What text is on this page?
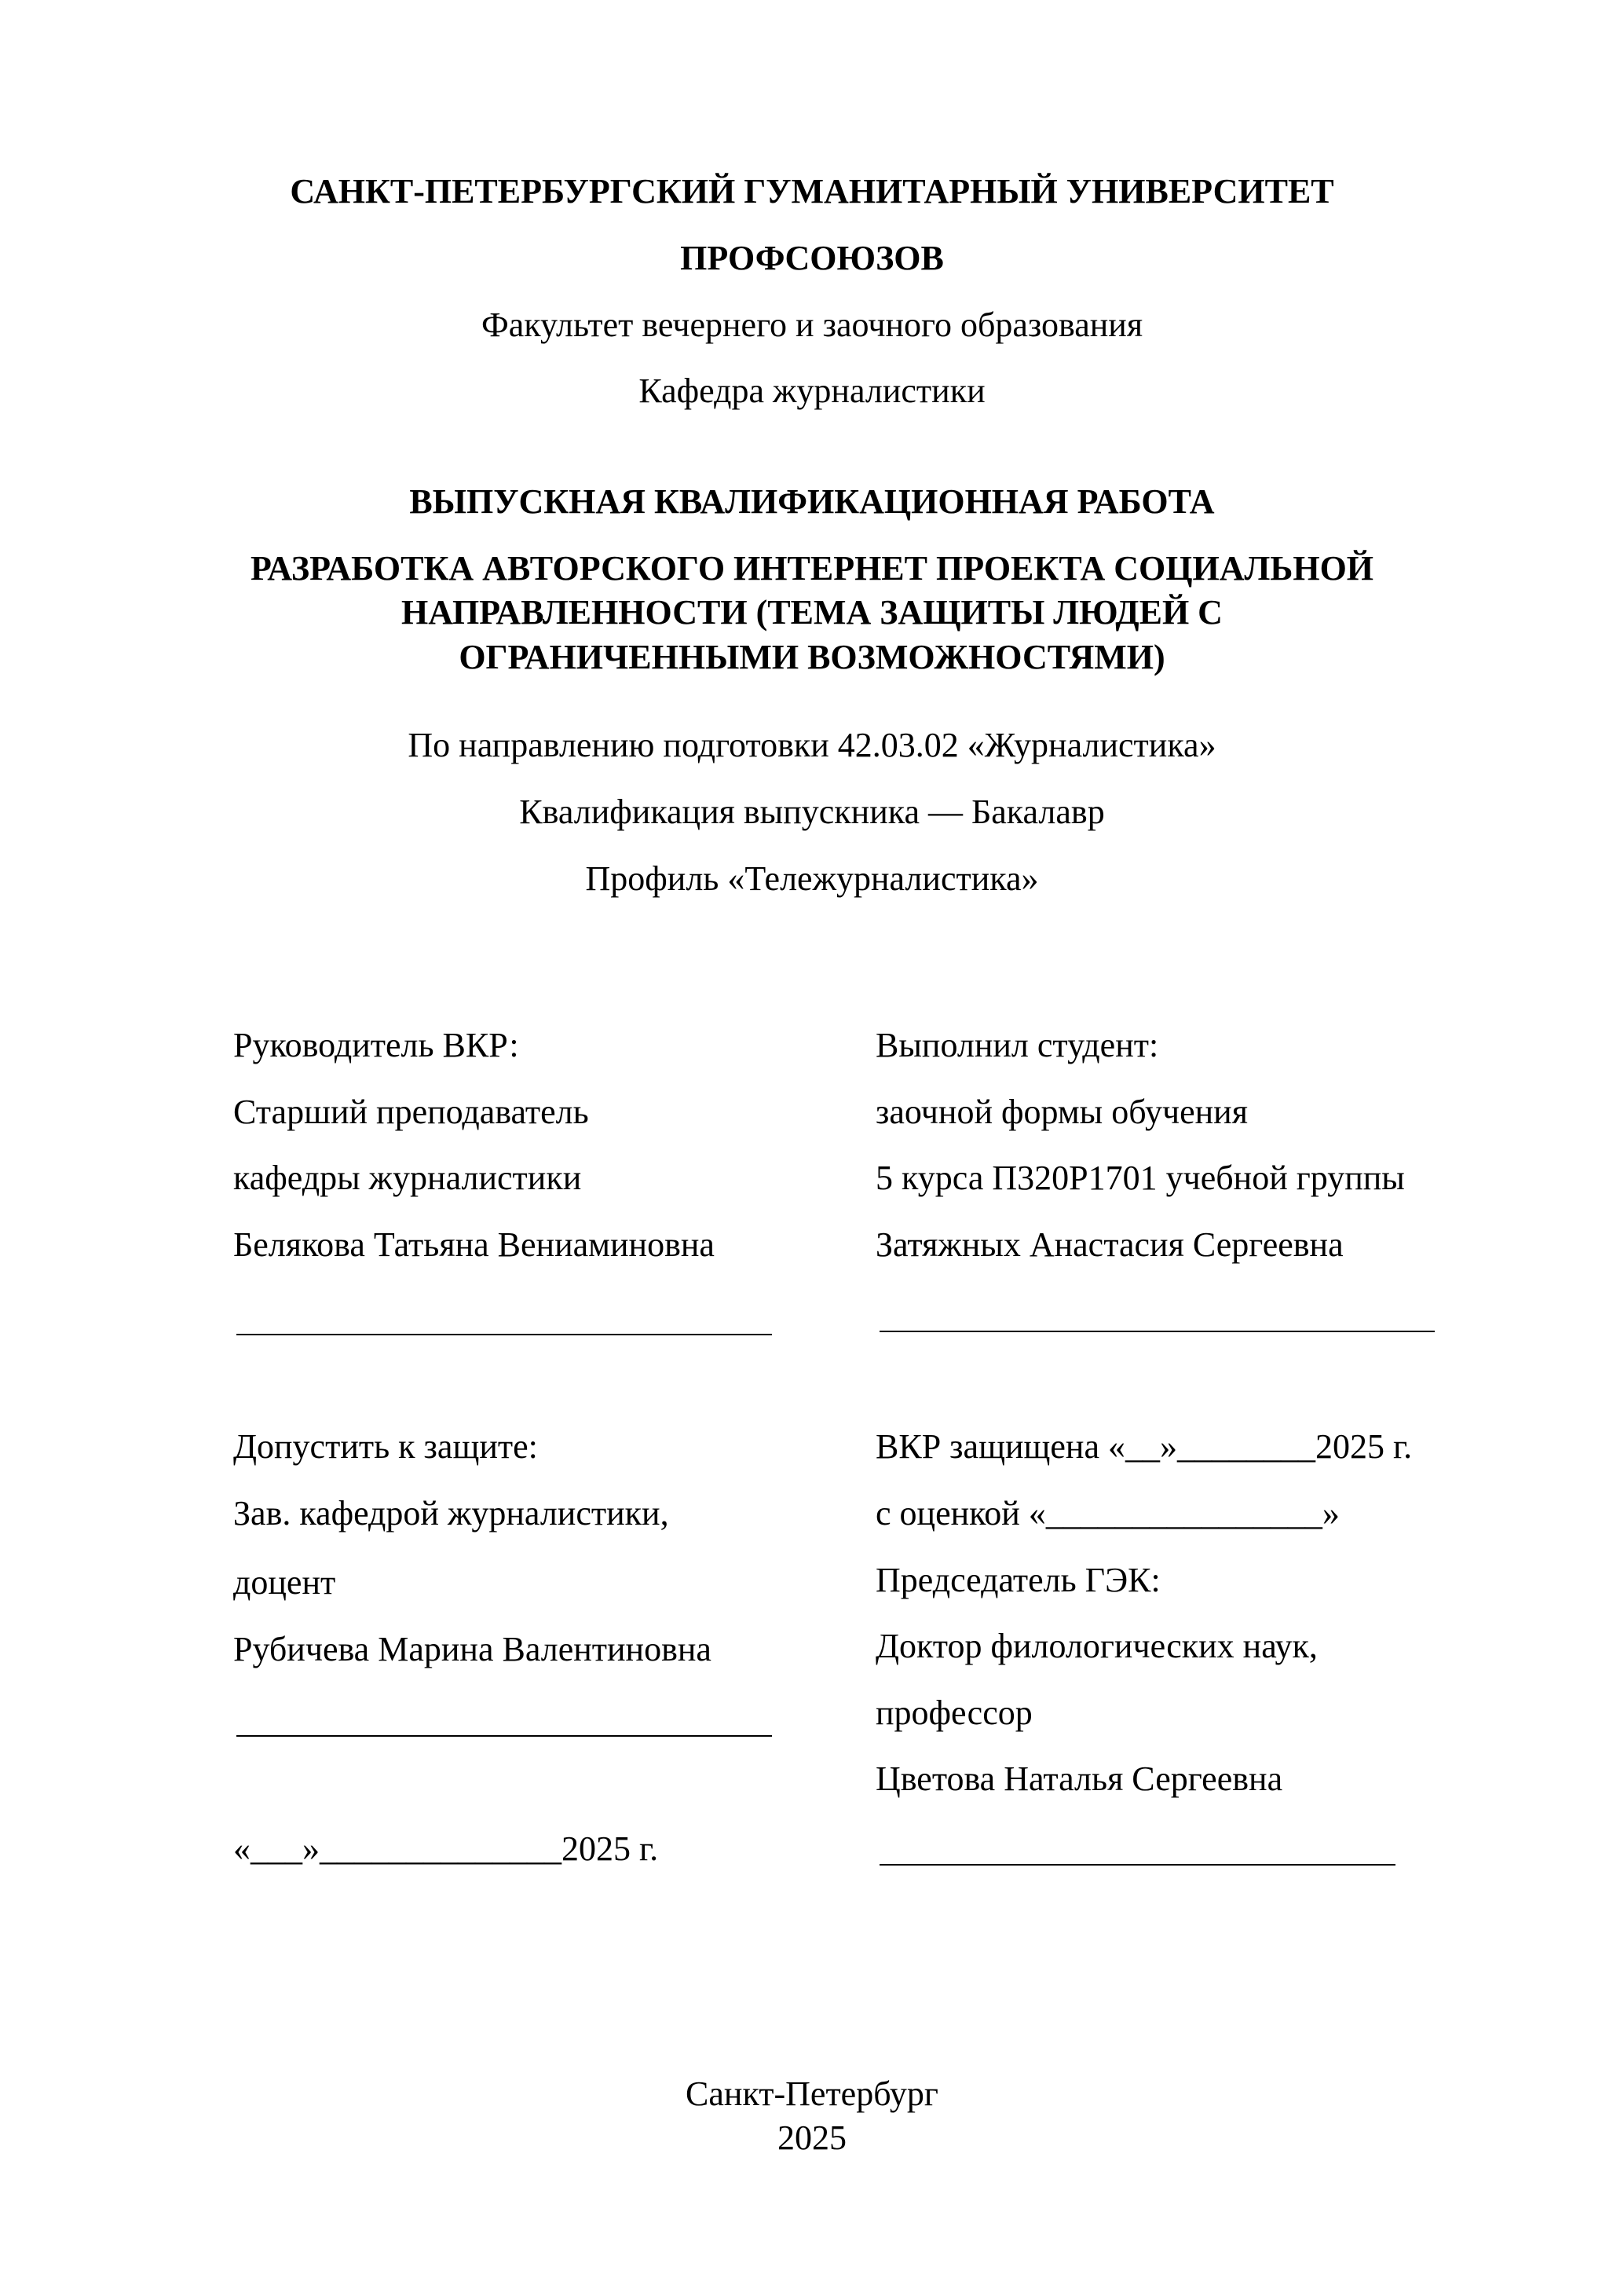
САНКТ-ПЕТЕРБУРГСКИЙ ГУМАНИТАРНЫЙ УНИВЕРСИТЕТ
ПРОФСОЮЗОВ
Факультет вечернего и заочного образования
Кафедра журналистики
ВЫПУСКНАЯ КВАЛИФИКАЦИОННАЯ РАБОТА
РАЗРАБОТКА АВТОРСКОГО ИНТЕРНЕТ ПРОЕКТА СОЦИАЛЬНОЙ
НАПРАВЛЕННОСТИ (ТЕМА ЗАЩИТЫ ЛЮДЕЙ С
ОГРАНИЧЕННЫМИ ВОЗМОЖНОСТЯМИ)
По направлению подготовки 42.03.02 «Журналистика»
Квалификация выпускника — Бакалавр
Профиль «Тележурналистика»
Руководитель ВКР:
Старший преподаватель
кафедры журналистики
Белякова Татьяна Вениаминовна
Выполнил студент:
заочной формы обучения
5 курса П320Р1701 учебной группы
Затяжных Анастасия Сергеевна
Допустить к защите:
Зав. кафедрой журналистики,
доцент
Рубичева Марина Валентиновна
«___»______________2025 г.
ВКР защищена «__»________2025 г.
с оценкой «________________»
Председатель ГЭК:
Доктор филологических наук,
профессор
Цветова Наталья Сергеевна
Санкт-Петербург
2025
